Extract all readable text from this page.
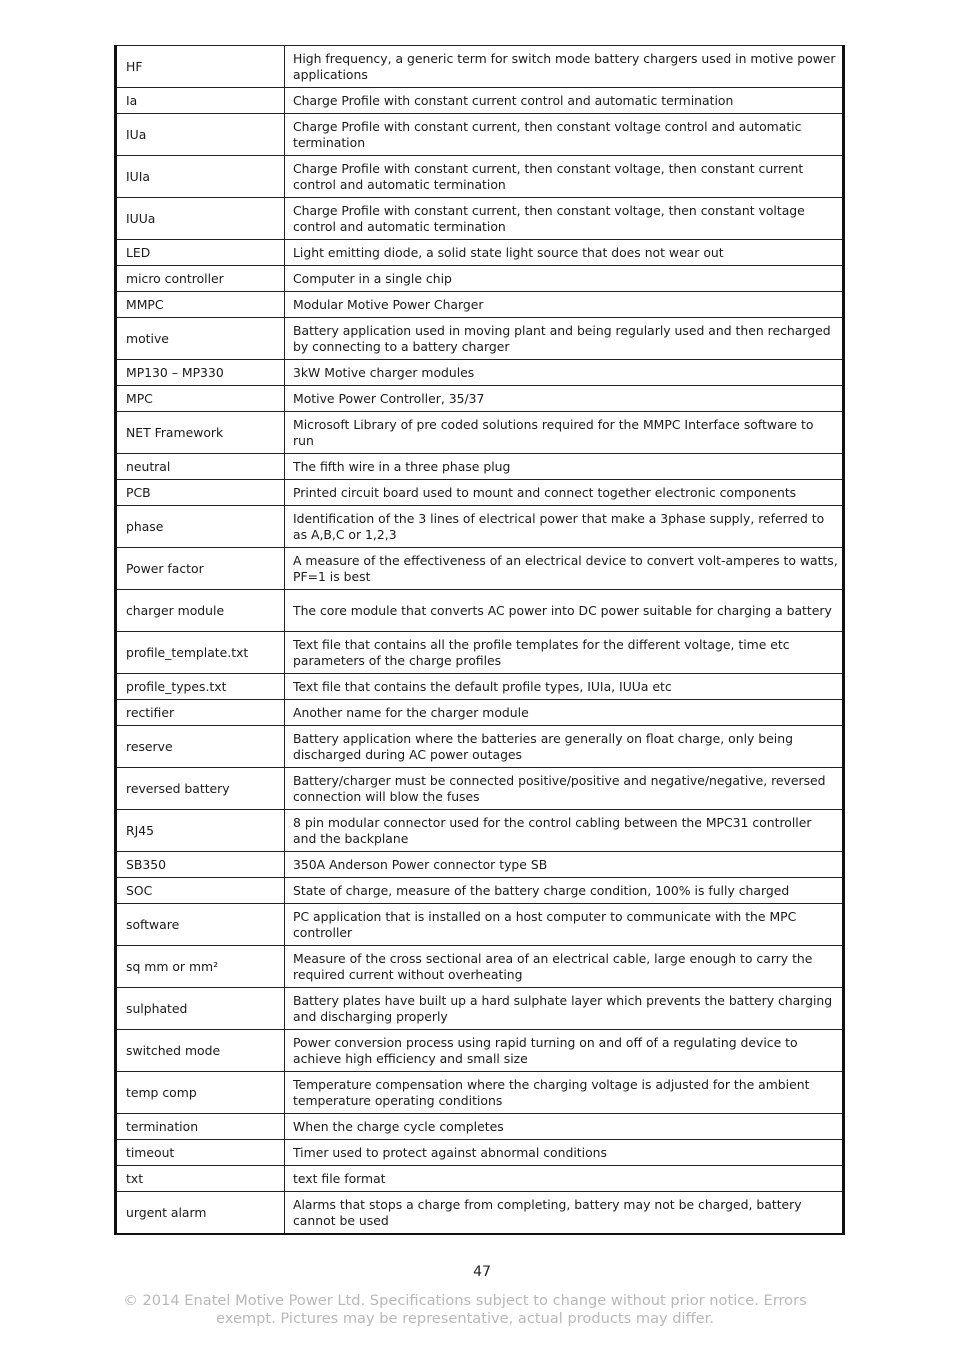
HF	High frequency, a generic term for switch mode battery chargers used in motive power applications
Ia	Charge Profile with constant current control and automatic termination
IUa	Charge Profile with constant current, then constant voltage control and automatic termination
IUIa	Charge Profile with constant current, then constant voltage, then constant current control and automatic termination
IUUa	Charge Profile with constant current, then constant voltage, then constant voltage control and automatic termination
LED	Light emitting diode, a solid state light source that does not wear out
micro controller	Computer in a single chip
MMPC	Modular Motive Power Charger
motive	Battery application used in moving plant and being regularly used and then recharged by connecting to a battery charger
MP130 – MP330	3kW Motive charger modules
MPC	Motive Power Controller, 35/37
NET Framework	Microsoft Library of pre coded solutions required for the MMPC Interface software to run
neutral	The fifth wire in a three phase plug
PCB	Printed circuit board used to mount and connect together electronic components
phase	Identification of the 3 lines of electrical power that make a 3phase supply, referred to as A,B,C or 1,2,3
Power factor	A measure of the effectiveness of an electrical device to convert volt-amperes to watts, PF=1 is best
charger module	The core module that converts AC power into DC power suitable for charging a battery
profile_template.txt	Text file that contains all the profile templates for the different voltage, time etc parameters of the charge profiles
profile_types.txt	Text file that contains the default profile types, IUIa, IUUa etc
rectifier	Another name for the charger module
reserve	Battery application where the batteries are generally on float charge, only being discharged during AC power outages
reversed battery	Battery/charger must be connected positive/positive and negative/negative, reversed connection will blow the fuses
RJ45	8 pin modular connector used for the control cabling between the MPC31 controller and the backplane
SB350	350A Anderson Power connector type SB
SOC	State of charge, measure of the battery charge condition, 100% is fully charged
software	PC application that is installed on a host computer to communicate with the MPC controller
sq mm or mm²	Measure of the cross sectional area of an electrical cable, large enough to carry the required current without overheating
sulphated	Battery plates have built up a hard sulphate layer which prevents the battery charging and discharging properly
switched mode	Power conversion process using rapid turning on and off of a regulating device to achieve high efficiency and small size
temp comp	Temperature compensation where the charging voltage is adjusted for the ambient temperature operating conditions
termination	When the charge cycle completes
timeout	Timer used to protect against abnormal conditions
txt	text file format
urgent alarm	Alarms that stops a charge from completing, battery may not be charged, battery cannot be used
47
© 2014 Enatel Motive Power Ltd. Specifications subject to change without prior notice. Errors
exempt. Pictures may be representative, actual products may differ.
